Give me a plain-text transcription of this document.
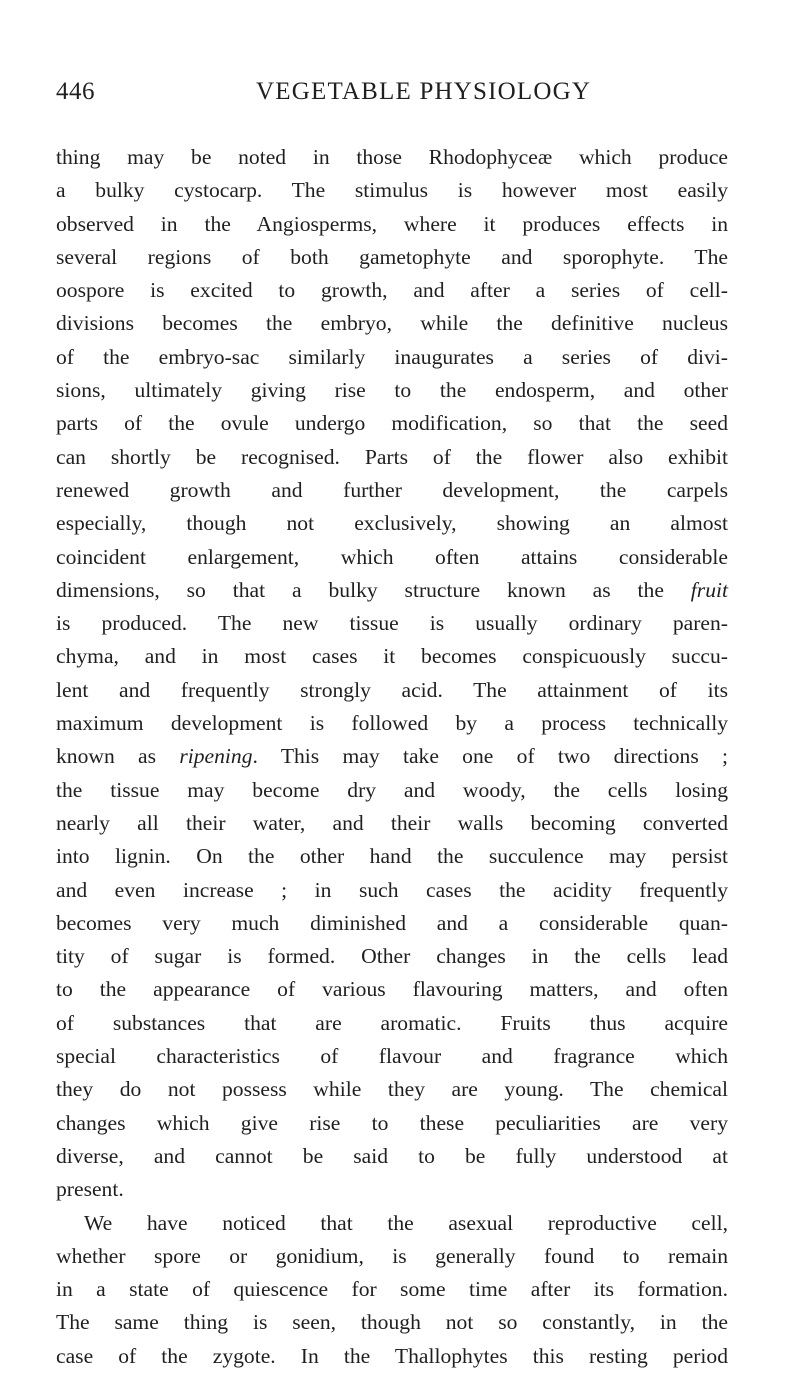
446	VEGETABLE PHYSIOLOGY
thing may be noted in those Rhodophyceæ which produce
a bulky cystocarp. The stimulus is however most easily
observed in the Angiosperms, where it produces effects in
several regions of both gametophyte and sporophyte. The
oospore is excited to growth, and after a series of cell-
divisions becomes the embryo, while the definitive nucleus
of the embryo-sac similarly inaugurates a series of divi-
sions, ultimately giving rise to the endosperm, and other
parts of the ovule undergo modification, so that the seed
can shortly be recognised. Parts of the flower also exhibit
renewed growth and further development, the carpels
especially, though not exclusively, showing an almost
coincident enlargement, which often attains considerable
dimensions, so that a bulky structure known as the fruit
is produced. The new tissue is usually ordinary paren-
chyma, and in most cases it becomes conspicuously succu-
lent and frequently strongly acid. The attainment of its
maximum development is followed by a process technically
known as ripening. This may take one of two directions ;
the tissue may become dry and woody, the cells losing
nearly all their water, and their walls becoming converted
into lignin. On the other hand the succulence may persist
and even increase ; in such cases the acidity frequently
becomes very much diminished and a considerable quan-
tity of sugar is formed. Other changes in the cells lead
to the appearance of various flavouring matters, and often
of substances that are aromatic. Fruits thus acquire
special characteristics of flavour and fragrance which
they do not possess while they are young. The chemical
changes which give rise to these peculiarities are very
diverse, and cannot be said to be fully understood at
present.
We have noticed that the asexual reproductive cell,
whether spore or gonidium, is generally found to remain
in a state of quiescence for some time after its formation.
The same thing is seen, though not so constantly, in the
case of the zygote. In the Thallophytes this resting period
